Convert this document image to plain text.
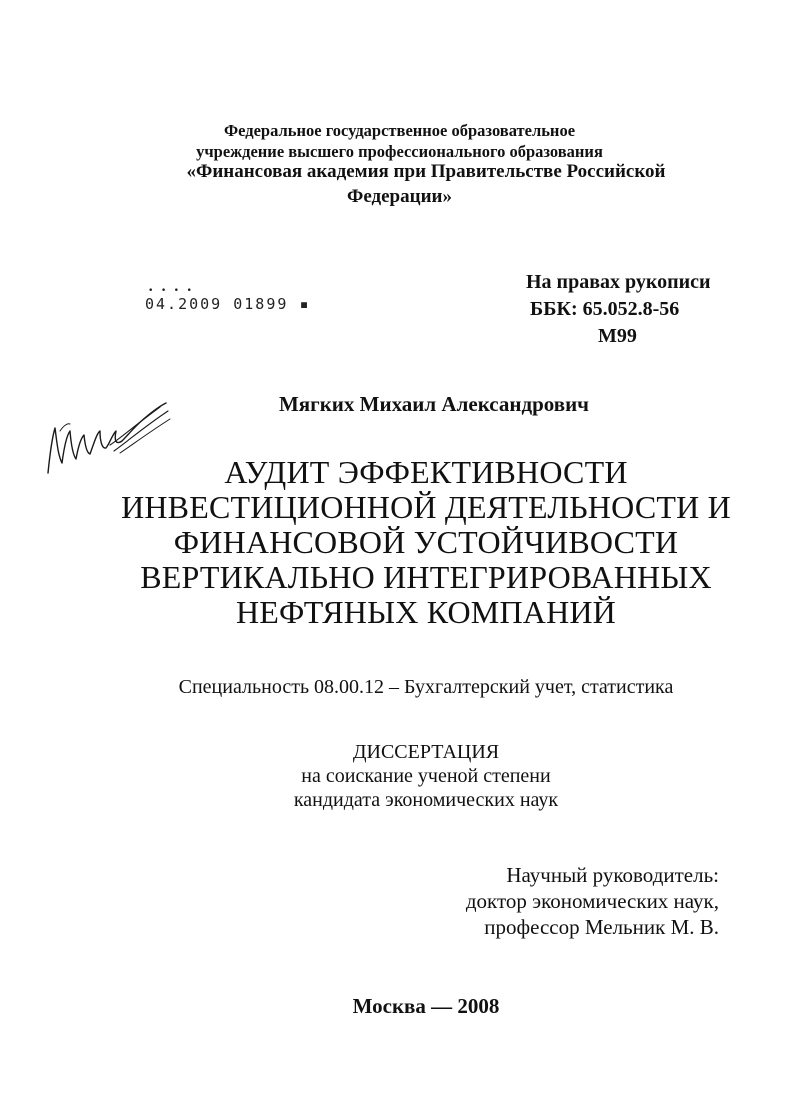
Федеральное государственное образовательное
учреждение высшего профессионального образования
«Финансовая академия при Правительстве Российской
Федерации»
• • • •
04.2009 01899 ▪
На правах рукописи
ББК: 65.052.8-56
М99
Мягких Михаил Александрович
АУДИТ ЭФФЕКТИВНОСТИ
ИНВЕСТИЦИОННОЙ ДЕЯТЕЛЬНОСТИ И
ФИНАНСОВОЙ УСТОЙЧИВОСТИ
ВЕРТИКАЛЬНО ИНТЕГРИРОВАННЫХ
НЕФТЯНЫХ КОМПАНИЙ
Специальность 08.00.12 – Бухгалтерский учет, статистика
ДИССЕРТАЦИЯ
на соискание ученой степени
кандидата экономических наук
Научный руководитель:
доктор экономических наук,
профессор Мельник М. В.
Москва — 2008
